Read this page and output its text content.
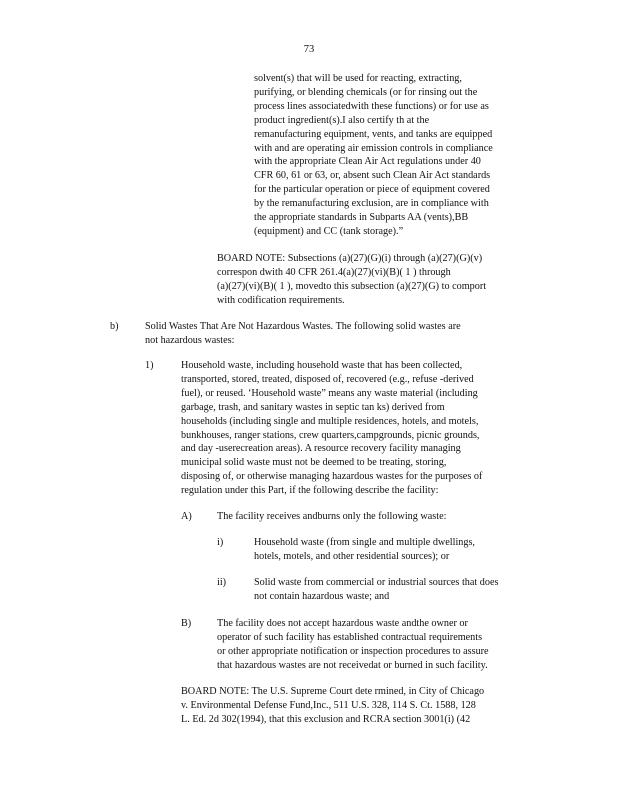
73

solvent(s) that will be used for reacting, extracting,

purifying, or blending chemicals (or for rinsing out the

process lines associatedwith these functions) or for use as

product ingredient(s).I also certify th at the

remanufacturing equipment, vents, and tanks are equipped

with and are operating air emission controls in compliance

with the appropriate Clean Air Act regulations under 40

CFR 60, 61 or 63, or, absent such Clean Air Act standards

for the particular operation or piece of equipment covered

by the remanufacturing exclusion, are in compliance with

the appropriate standards in Subparts AA (vents),BB

(equipment) and CC (tank storage).”

BOARD NOTE: Subsections (a)(27)(G)(i) through (a)(27)(G)(v)

correspon dwith 40 CFR 261.4(a)(27)(vi)(B)( 1 ) through

(a)(27)(vi)(B)( 1 ), movedto this subsection (a)(27)(G) to comport

with codification requirements.

b)	Solid Wastes That Are Not Hazardous Wastes. The following solid wastes are

not hazardous wastes:

1)	Household waste, including household waste that has been collected,

transported, stored, treated, disposed of, recovered (e.g., refuse -derived

fuel), or reused. ‘Household waste” means any waste material (including

garbage, trash, and sanitary wastes in septic tan ks) derived from

households (including single and multiple residences, hotels, and motels,

bunkhouses, ranger stations, crew quarters,campgrounds, picnic grounds,

and day -userecreation areas). A resource recovery facility managing

municipal solid waste must not be deemed to be treating, storing,

disposing of, or otherwise managing hazardous wastes for the purposes of

regulation under this Part, if the following describe the facility:

A) The facility receives andburns only the following waste:

i)	Household waste (from single and multiple dwellings,

hotels, motels, and other residential sources); or

ii)	Solid waste from commercial or industrial sources that does

not contain hazardous waste; and

B)	The facility does not accept hazardous waste andthe owner or

operator of such facility has established contractual requirements

or other appropriate notification or inspection procedures to assure

that hazardous wastes are not receivedat or burned in such facility.

BOARD NOTE: The U.S. Supreme Court dete rmined, in City of Chicago

v. Environmental Defense Fund,Inc., 511 U.S. 328, 114 S. Ct. 1588, 128

L. Ed. 2d 302(1994), that this exclusion and RCRA section 3001(i) (42
